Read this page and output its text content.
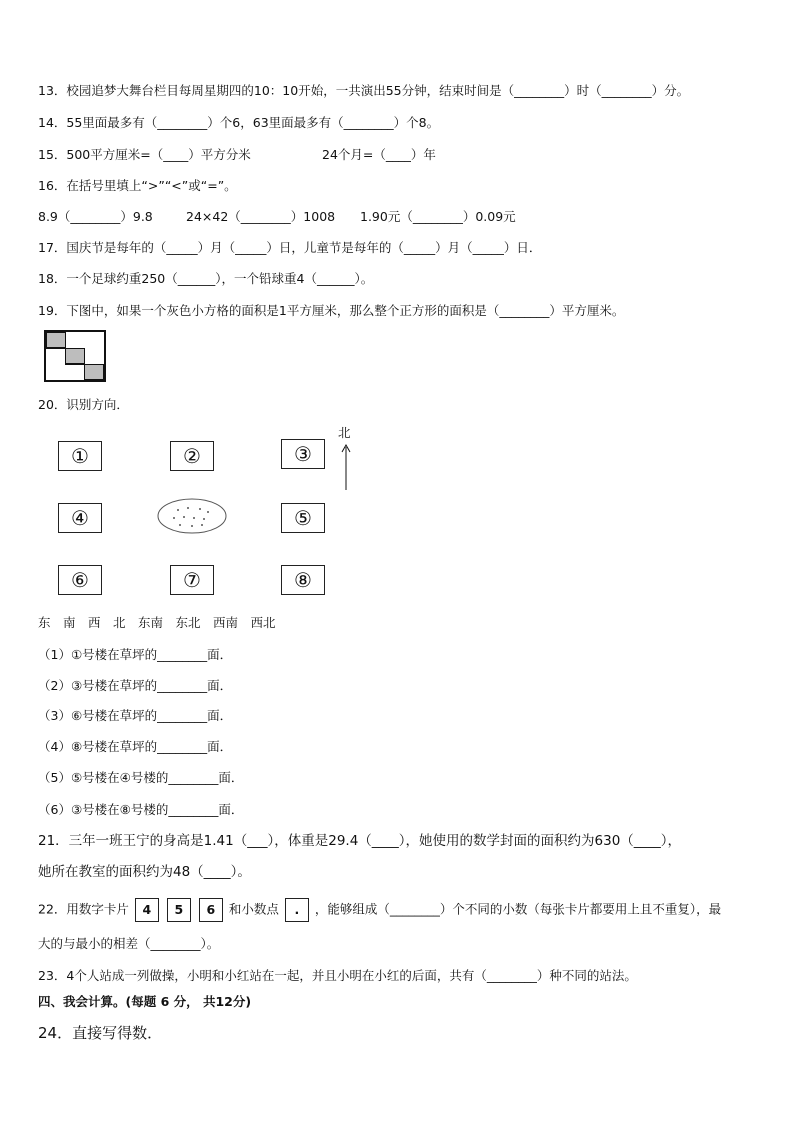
13．校园追梦大舞台栏目每周星期四的10：10开始，一共演出55分钟，结束时间是（________）时（________）分。
14．55里面最多有（________）个6，63里面最多有（________）个8。
15．500平方厘米=（____）平方分米	24个月=（____）年
16．在括号里填上“>”“<”或“=”。
8.9（________）9.8	24×42（________）1008 1.90元（________）0.09元
17．国庆节是每年的（_____）月（_____）日，儿童节是每年的（_____）月（_____）日．
18．一个足球约重250（______），一个铅球重4（______）。
19．下图中，如果一个灰色小方格的面积是1平方厘米，那么整个正方形的面积是（________）平方厘米。
20．识别方向．
①	②	③
④	⑤
⑥	⑦	⑧
北
东　南　西　北　东南　东北　西南　西北
（1）①号楼在草坪的________面．
（2）③号楼在草坪的________面．
（3）⑥号楼在草坪的________面．
（4）⑧号楼在草坪的________面．
（5）⑤号楼在④号楼的________面．
（6）③号楼在⑧号楼的________面．
21．三年一班王宁的身高是1.41（___），体重是29.4（____），她使用的数学封面的面积约为630（____），
她所在教室的面积约为48（____）。
22．用数字卡片 4 5 6 和小数点 . ，能够组成（________）个不同的小数（每张卡片都要用上且不重复），最
大的与最小的相差（________）。
23．4个人站成一列做操，小明和小红站在一起，并且小明在小红的后面，共有（________）种不同的站法。
四、我会计算。(每题 6 分， 共12分)
24．直接写得数．
